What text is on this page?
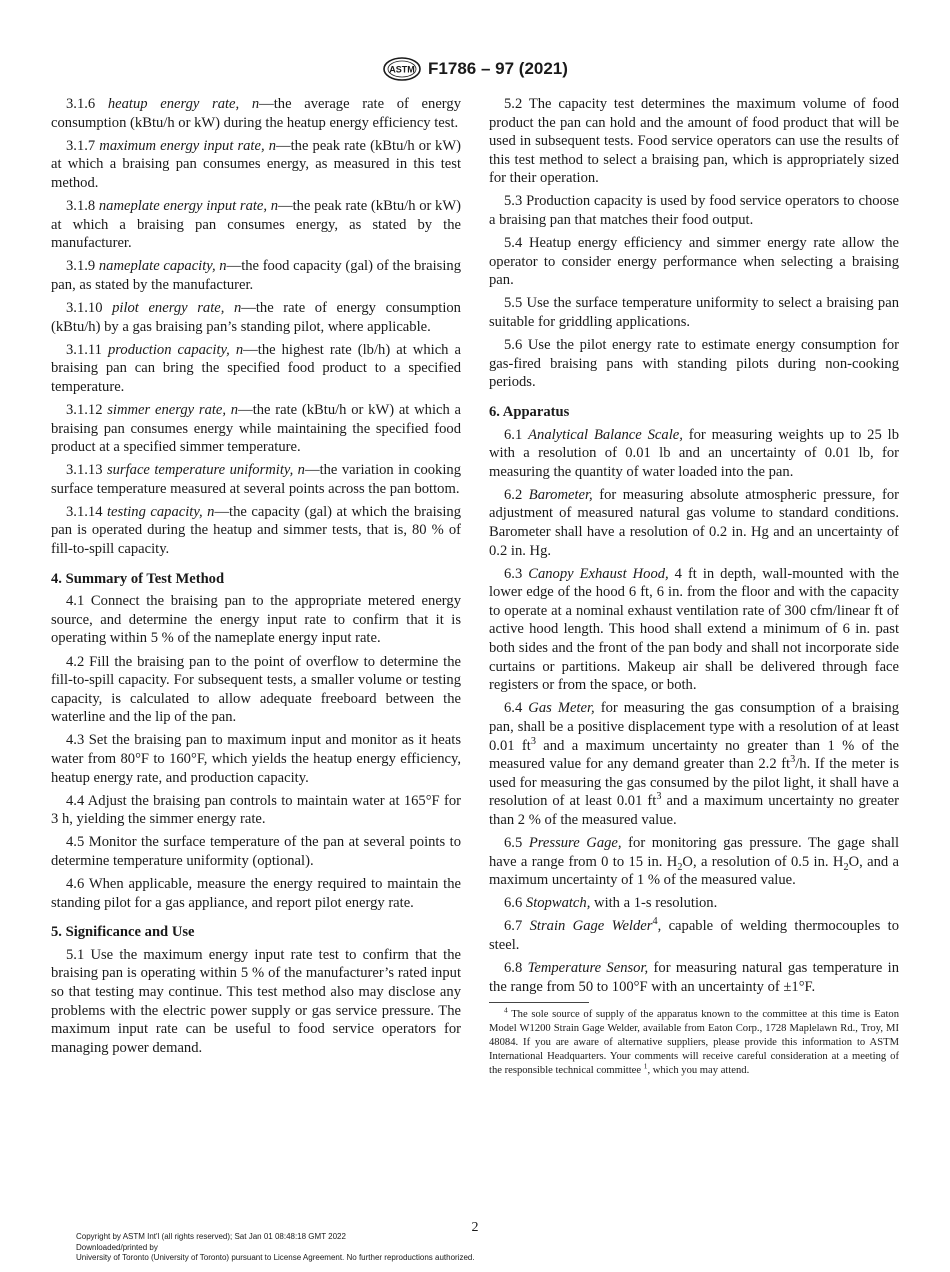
ASTM F1786 – 97 (2021)

3.1.6 heatup energy rate, n—the average rate of energy consumption (kBtu/h or kW) during the heatup energy efficiency test.

3.1.7 maximum energy input rate, n—the peak rate (kBtu/h or kW) at which a braising pan consumes energy, as measured in this test method.

3.1.8 nameplate energy input rate, n—the peak rate (kBtu/h or kW) at which a braising pan consumes energy, as stated by the manufacturer.

3.1.9 nameplate capacity, n—the food capacity (gal) of the braising pan, as stated by the manufacturer.

3.1.10 pilot energy rate, n—the rate of energy consumption (kBtu/h) by a gas braising pan’s standing pilot, where applicable.

3.1.11 production capacity, n—the highest rate (lb/h) at which a braising pan can bring the specified food product to a specified temperature.

3.1.12 simmer energy rate, n—the rate (kBtu/h or kW) at which a braising pan consumes energy while maintaining the specified food product at a specified simmer temperature.

3.1.13 surface temperature uniformity, n—the variation in cooking surface temperature measured at several points across the pan bottom.

3.1.14 testing capacity, n—the capacity (gal) at which the braising pan is operated during the heatup and simmer tests, that is, 80 % of fill-to-spill capacity.

4. Summary of Test Method

4.1 Connect the braising pan to the appropriate metered energy source, and determine the energy input rate to confirm that it is operating within 5 % of the nameplate energy input rate.

4.2 Fill the braising pan to the point of overflow to determine the fill-to-spill capacity. For subsequent tests, a smaller volume or testing capacity, is calculated to allow adequate freeboard between the waterline and the lip of the pan.

4.3 Set the braising pan to maximum input and monitor as it heats water from 80°F to 160°F, which yields the heatup energy efficiency, heatup energy rate, and production capacity.

4.4 Adjust the braising pan controls to maintain water at 165°F for 3 h, yielding the simmer energy rate.

4.5 Monitor the surface temperature of the pan at several points to determine temperature uniformity (optional).

4.6 When applicable, measure the energy required to maintain the standing pilot for a gas appliance, and report pilot energy rate.

5. Significance and Use

5.1 Use the maximum energy input rate test to confirm that the braising pan is operating within 5 % of the manufacturer’s rated input so that testing may continue. This test method also may disclose any problems with the electric power supply or gas service pressure. The maximum input rate can be useful to food service operators for managing power demand.

5.2 The capacity test determines the maximum volume of food product the pan can hold and the amount of food product that will be used in subsequent tests. Food service operators can use the results of this test method to select a braising pan, which is appropriately sized for their operation.

5.3 Production capacity is used by food service operators to choose a braising pan that matches their food output.

5.4 Heatup energy efficiency and simmer energy rate allow the operator to consider energy performance when selecting a braising pan.

5.5 Use the surface temperature uniformity to select a braising pan suitable for griddling applications.

5.6 Use the pilot energy rate to estimate energy consumption for gas-fired braising pans with standing pilots during non-cooking periods.

6. Apparatus

6.1 Analytical Balance Scale, for measuring weights up to 25 lb with a resolution of 0.01 lb and an uncertainty of 0.01 lb, for measuring the quantity of water loaded into the pan.

6.2 Barometer, for measuring absolute atmospheric pressure, for adjustment of measured natural gas volume to standard conditions. Barometer shall have a resolution of 0.2 in. Hg and an uncertainty of 0.2 in. Hg.

6.3 Canopy Exhaust Hood, 4 ft in depth, wall-mounted with the lower edge of the hood 6 ft, 6 in. from the floor and with the capacity to operate at a nominal exhaust ventilation rate of 300 cfm/linear ft of active hood length. This hood shall extend a minimum of 6 in. past both sides and the front of the pan body and shall not incorporate side curtains or partitions. Makeup air shall be delivered through face registers or from the space, or both.

6.4 Gas Meter, for measuring the gas consumption of a braising pan, shall be a positive displacement type with a resolution of at least 0.01 $ft^3$ and a maximum uncertainty no greater than 1 % of the measured value for any demand greater than 2.2 $ft^3/h$. If the meter is used for measuring the gas consumed by the pilot light, it shall have a resolution of at least 0.01 $ft^3$ and a maximum uncertainty no greater than 2 % of the measured value.

6.5 Pressure Gage, for monitoring gas pressure. The gage shall have a range from 0 to 15 in. $H_2O$, a resolution of 0.5 in. $H_2O$, and a maximum uncertainty of 1 % of the measured value.

6.6 Stopwatch, with a 1-s resolution.

6.7 Strain Gage Welder$^4$, capable of welding thermocouples to steel.

6.8 Temperature Sensor, for measuring natural gas temperature in the range from 50 to 100°F with an uncertainty of ±1°F.

$^4$ The sole source of supply of the apparatus known to the committee at this time is Eaton Model W1200 Strain Gage Welder, available from Eaton Corp., 1728 Maplelawn Rd., Troy, MI 48084. If you are aware of alternative suppliers, please provide this information to ASTM International Headquarters. Your comments will receive careful consideration at a meeting of the responsible technical committee $^1$, which you may attend.

2
Copyright by ASTM Int'l (all rights reserved); Sat Jan 01 08:48:18 GMT 2022
Downloaded/printed by
University of Toronto (University of Toronto) pursuant to License Agreement. No further reproductions authorized.
